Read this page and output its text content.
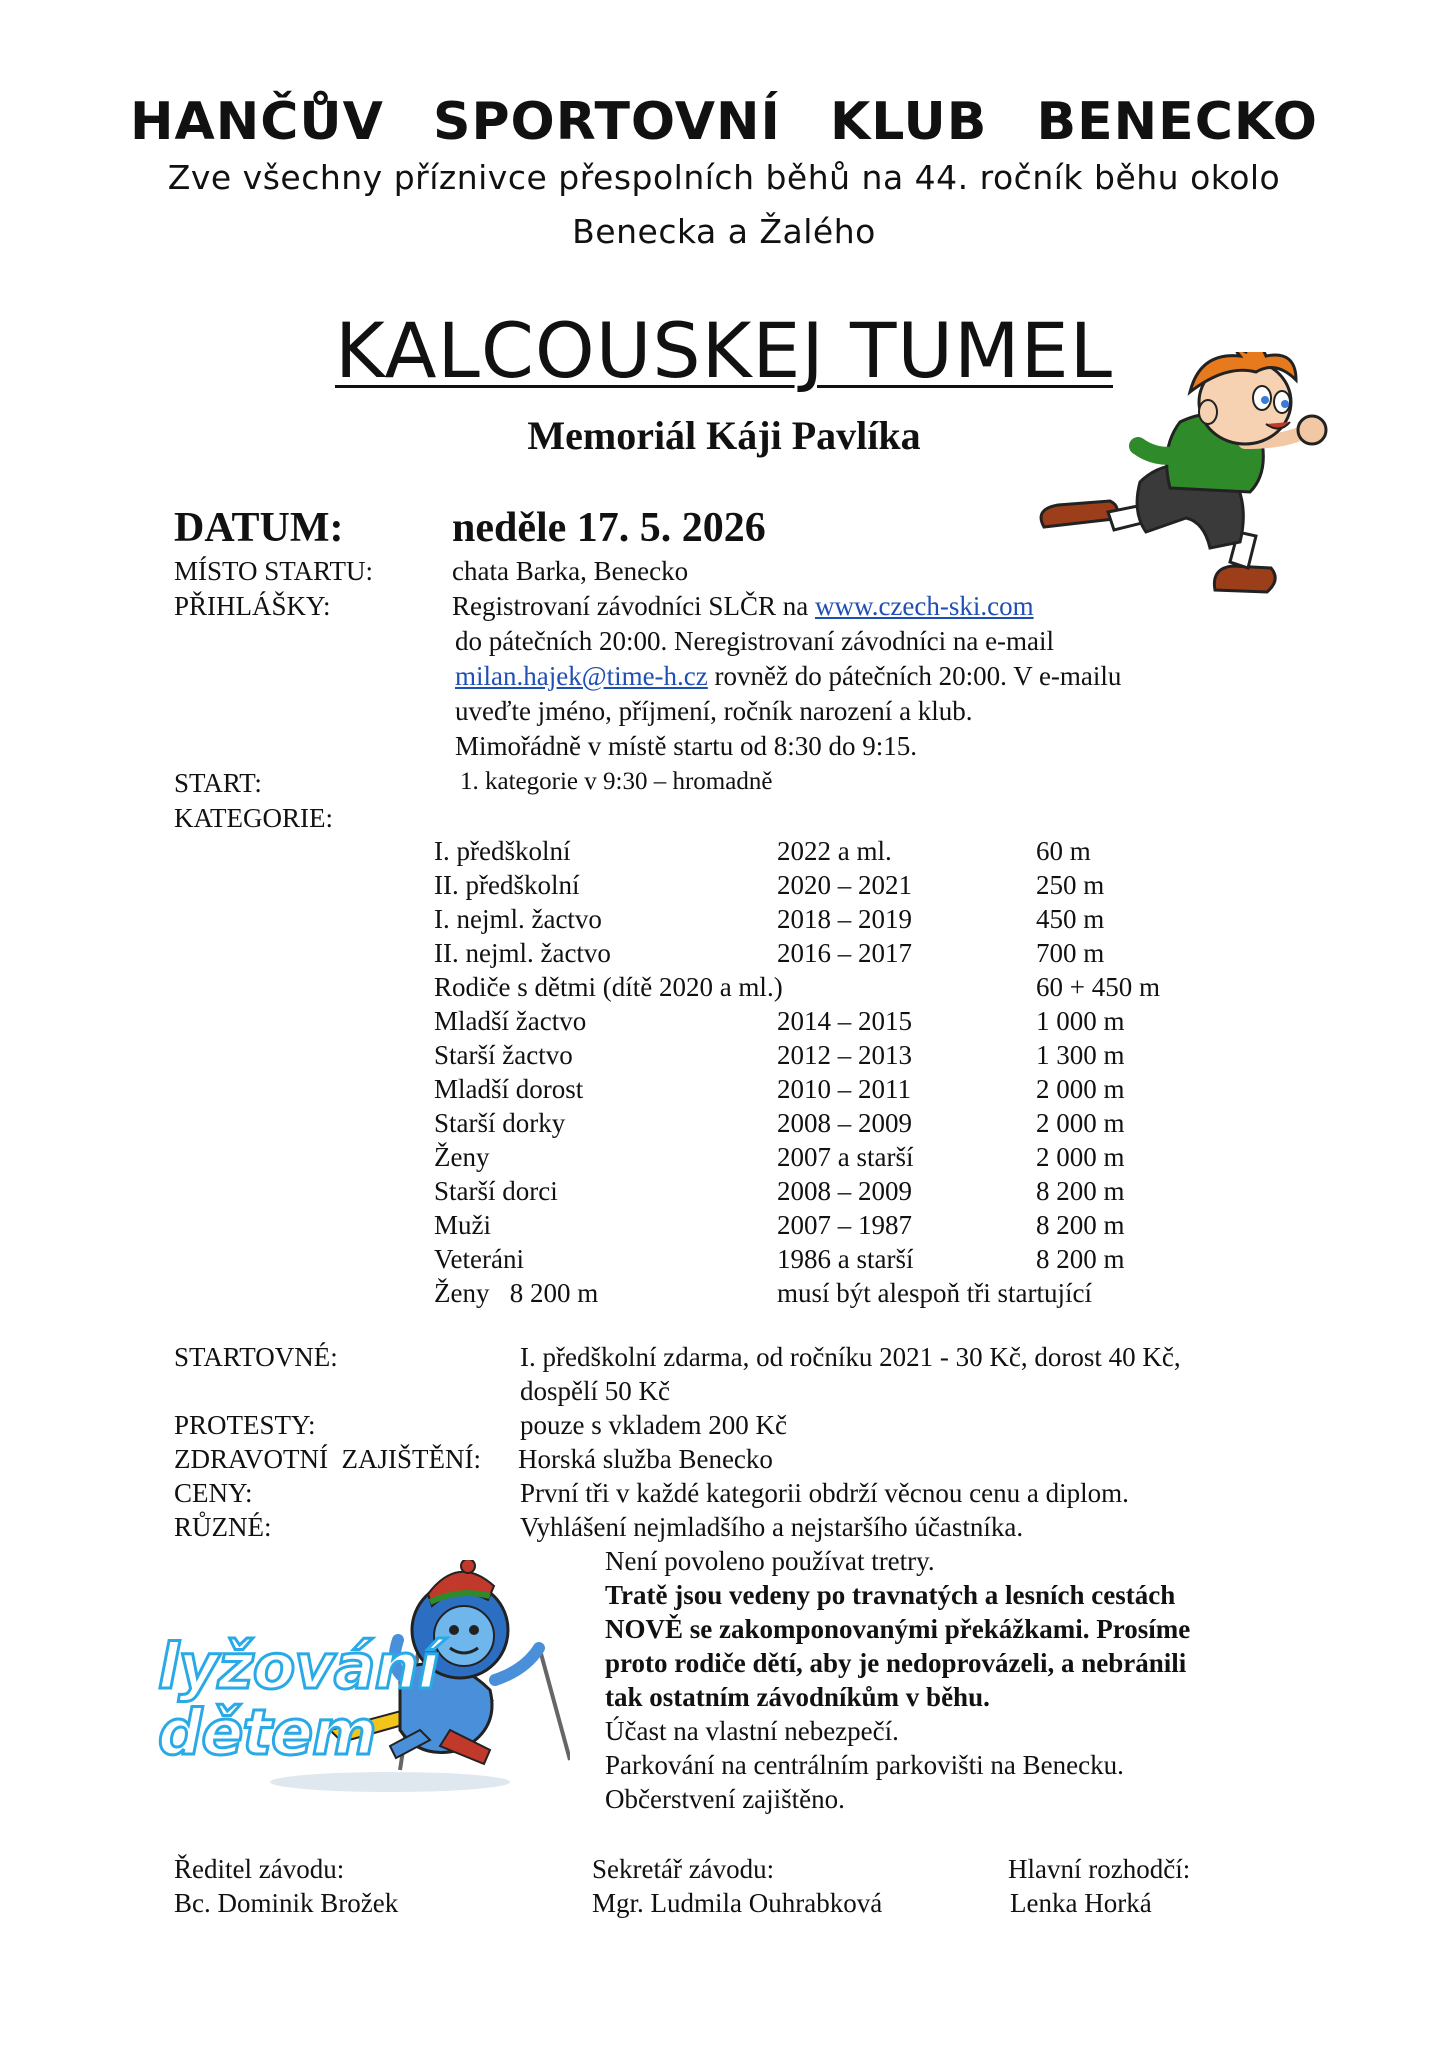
HANČŮV SPORTOVNÍ KLUB BENECKO
Zve všechny příznivce přespolních běhů na 44. ročník běhu okolo
Benecka a Žalého
KALCOUSKEJ TUMEL
Memoriál Káji Pavlíka
DATUM:	neděle 17. 5. 2026
MÍSTO STARTU:	chata Barka, Benecko
PŘIHLÁŠKY:	Registrovaní závodníci SLČR na www.czech-ski.com
do pátečních 20:00. Neregistrovaní závodníci na e-mail
milan.hajek@time-h.cz rovněž do pátečních 20:00. V e-mailu
uveďte jméno, příjmení, ročník narození a klub.
Mimořádně v místě startu od 8:30 do 9:15.
START:	1. kategorie v 9:30 – hromadně
KATEGORIE:
I. předškolní	2022 a ml.	60 m
II. předškolní	2020 – 2021	250 m
I. nejml. žactvo	2018 – 2019	450 m
II. nejml. žactvo	2016 – 2017	700 m
Rodiče s dětmi (dítě 2020 a ml.)	60 + 450 m
Mladší žactvo	2014 – 2015	1 000 m
Starší žactvo	2012 – 2013	1 300 m
Mladší dorost	2010 – 2011	2 000 m
Starší dorky	2008 – 2009	2 000 m
Ženy	2007 a starší	2 000 m
Starší dorci	2008 – 2009	8 200 m
Muži	2007 – 1987	8 200 m
Veteráni	1986 a starší	8 200 m
Ženy   8 200 m	musí být alespoň tři startující
STARTOVNÉ:	I. předškolní zdarma, od ročníku 2021 - 30 Kč, dorost 40 Kč,
dospělí 50 Kč
PROTESTY:	pouze s vkladem 200 Kč
ZDRAVOTNÍ  ZAJIŠTĚNÍ: Horská služba Benecko
CENY:	První tři v každé kategorii obdrží věcnou cenu a diplom.
RŮZNÉ:	Vyhlášení nejmladšího a nejstaršího účastníka.
Není povoleno používat tretry.
Tratě jsou vedeny po travnatých a lesních cestách
NOVĚ se zakomponovanými překážkami. Prosíme
proto rodiče dětí, aby je nedoprovázeli, a nebránili
tak ostatním závodníkům v běhu.
Účast na vlastní nebezpečí.
Parkování na centrálním parkovišti na Benecku.
Občerstvení zajištěno.
lyžování
dětem
Ředitel závodu:
Bc. Dominik Brožek
Sekretář závodu:
Mgr. Ludmila Ouhrabková
Hlavní rozhodčí:
Lenka Horká
